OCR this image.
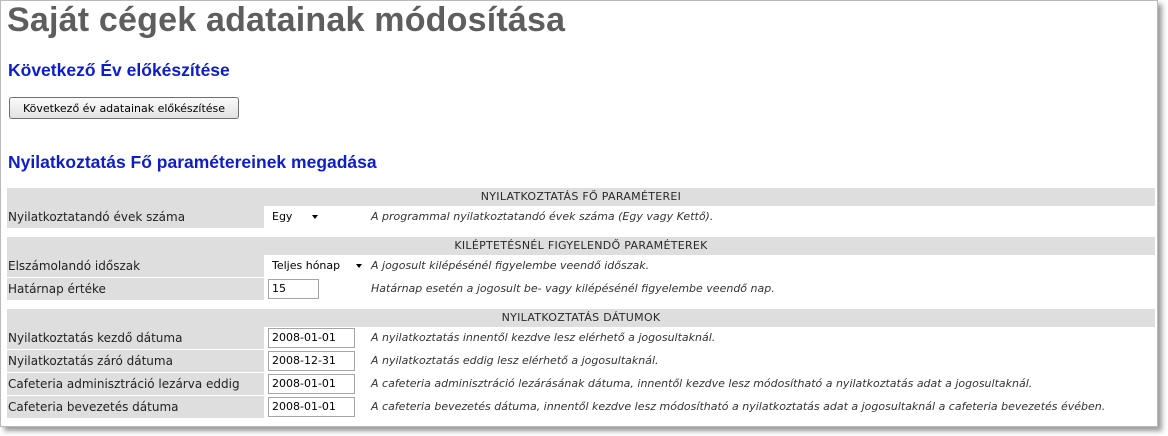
Saját cégek adatainak módosítása
Következő Év előkészítése
Következő év adatainak előkészítése
Nyilatkoztatás Fő paramétereinek megadása
NYILATKOZTATÁS FŐ PARAMÉTEREI
Nyilatkoztatandó évek száma	Egy	A programmal nyilatkoztatandó évek száma (Egy vagy Kettő).
KILÉPTETÉSNÉL FIGYELENDŐ PARAMÉTEREK
Elszámolandó időszak	Teljes hónap	A jogosult kilépésénél figyelembe veendő időszak.
Határnap értéke	15	Határnap esetén a jogosult be- vagy kilépésénél figyelembe veendő nap.
NYILATKOZTATÁS DÁTUMOK
Nyilatkoztatás kezdő dátuma	2008-01-01	A nyilatkoztatás innentől kezdve lesz elérhető a jogosultaknál.
Nyilatkoztatás záró dátuma	2008-12-31	A nyilatkoztatás eddig lesz elérhető a jogosultaknál.
Cafeteria adminisztráció lezárva eddig	2008-01-01	A cafeteria adminisztráció lezárásának dátuma, innentől kezdve lesz módosítható a nyilatkoztatás adat a jogosultaknál.
Cafeteria bevezetés dátuma	2008-01-01	A cafeteria bevezetés dátuma, innentől kezdve lesz módosítható a nyilatkoztatás adat a jogosultaknál a cafeteria bevezetés évében.
